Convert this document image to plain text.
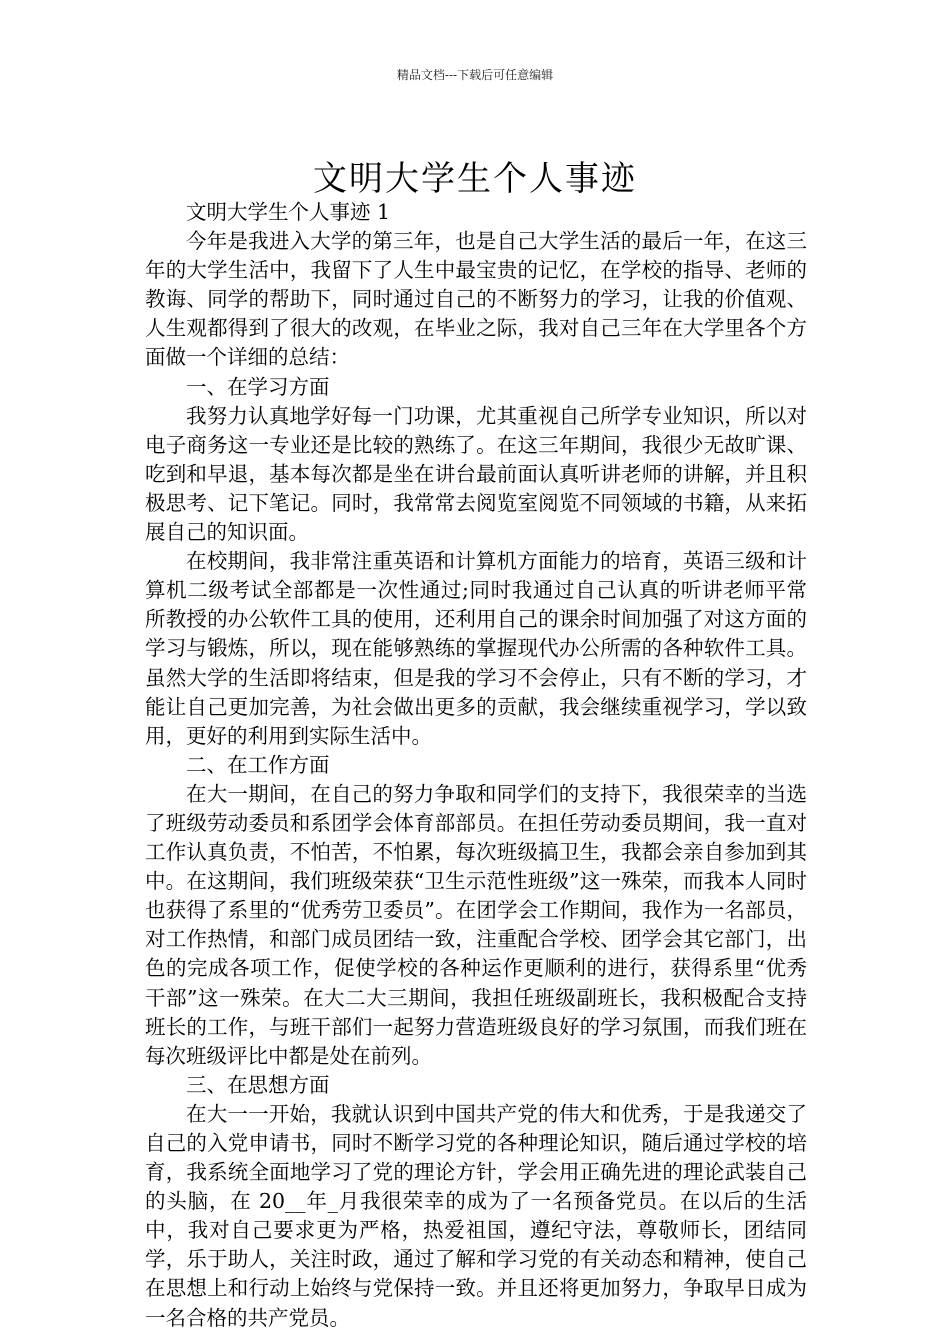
精品文档---下载后可任意编辑
文明大学生个人事迹

文明大学生个人事迹 1

今年是我进入大学的第三年，也是自己大学生活的最后一年，在这三年的大学生活中，我留下了人生中最宝贵的记忆，在学校的指导、老师的教诲、同学的帮助下，同时通过自己的不断努力的学习，让我的价值观、人生观都得到了很大的改观，在毕业之际，我对自己三年在大学里各个方面做一个详细的总结：

一、在学习方面

我努力认真地学好每一门功课，尤其重视自己所学专业知识，所以对电子商务这一专业还是比较的熟练了。在这三年期间，我很少无故旷课、吃到和早退，基本每次都是坐在讲台最前面认真听讲老师的讲解，并且积极思考、记下笔记。同时，我常常去阅览室阅览不同领域的书籍，从来拓展自己的知识面。

在校期间，我非常注重英语和计算机方面能力的培育，英语三级和计算机二级考试全部都是一次性通过;同时我通过自己认真的听讲老师平常所教授的办公软件工具的使用，还利用自己的课余时间加强了对这方面的学习与锻炼，所以，现在能够熟练的掌握现代办公所需的各种软件工具。虽然大学的生活即将结束，但是我的学习不会停止，只有不断的学习，才能让自己更加完善，为社会做出更多的贡献，我会继续重视学习，学以致用，更好的利用到实际生活中。

二、在工作方面

在大一期间，在自己的努力争取和同学们的支持下，我很荣幸的当选了班级劳动委员和系团学会体育部部员。在担任劳动委员期间，我一直对工作认真负责，不怕苦，不怕累，每次班级搞卫生，我都会亲自参加到其中。在这期间，我们班级荣获“卫生示范性班级”这一殊荣，而我本人同时也获得了系里的“优秀劳卫委员”。在团学会工作期间，我作为一名部员，对工作热情，和部门成员团结一致，注重配合学校、团学会其它部门，出色的完成各项工作，促使学校的各种运作更顺利的进行，获得系里“优秀干部”这一殊荣。在大二大三期间，我担任班级副班长，我积极配合支持班长的工作，与班干部们一起努力营造班级良好的学习氛围，而我们班在每次班级评比中都是处在前列。

三、在思想方面

在大一一开始，我就认识到中国共产党的伟大和优秀，于是我递交了自己的入党申请书，同时不断学习党的各种理论知识，随后通过学校的培育，我系统全面地学习了党的理论方针，学会用正确先进的理论武装自己的头脑，在 20__年_月我很荣幸的成为了一名预备党员。在以后的生活中，我对自己要求更为严格，热爱祖国，遵纪守法，尊敬师长，团结同学，乐于助人，关注时政，通过了解和学习党的有关动态和精神，使自己在思想上和行动上始终与党保持一致。并且还将更加努力，争取早日成为一名合格的共产党员。
